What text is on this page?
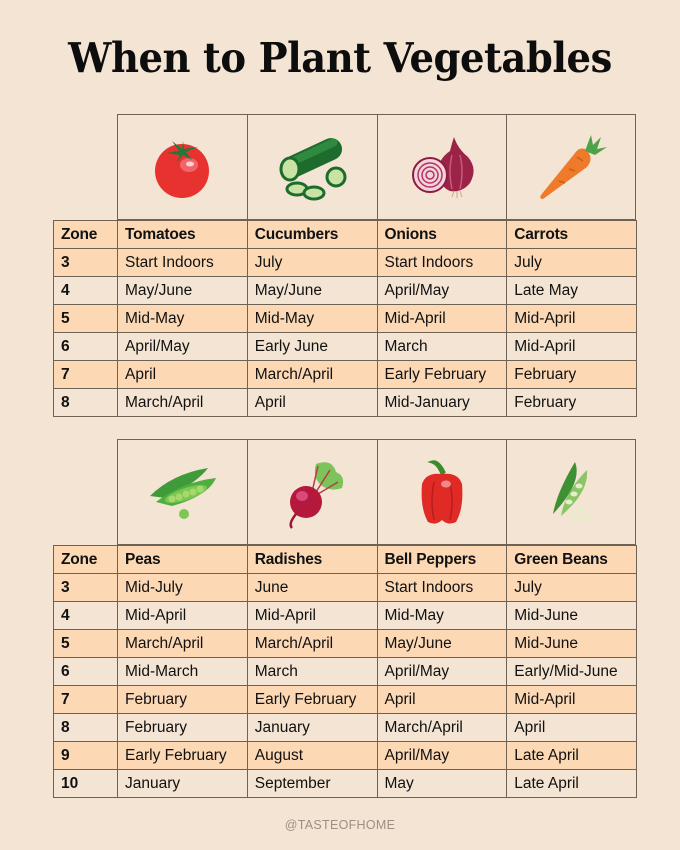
When to Plant Vegetables
Zone	Tomatoes	Cucumbers	Onions	Carrots
3	Start Indoors	July	Start Indoors	July
4	May/June	May/June	April/May	Late May
5	Mid-May	Mid-May	Mid-April	Mid-April
6	April/May	Early June	March	Mid-April
7	April	March/April	Early February	February
8	March/April	April	Mid-January	February
Zone	Peas	Radishes	Bell Peppers	Green Beans
3	Mid-July	June	Start Indoors	July
4	Mid-April	Mid-April	Mid-May	Mid-June
5	March/April	March/April	May/June	Mid-June
6	Mid-March	March	April/May	Early/Mid-June
7	February	Early February	April	Mid-April
8	February	January	March/April	April
9	Early February	August	April/May	Late April
10	January	September	May	Late April
@TASTEOFHOME
